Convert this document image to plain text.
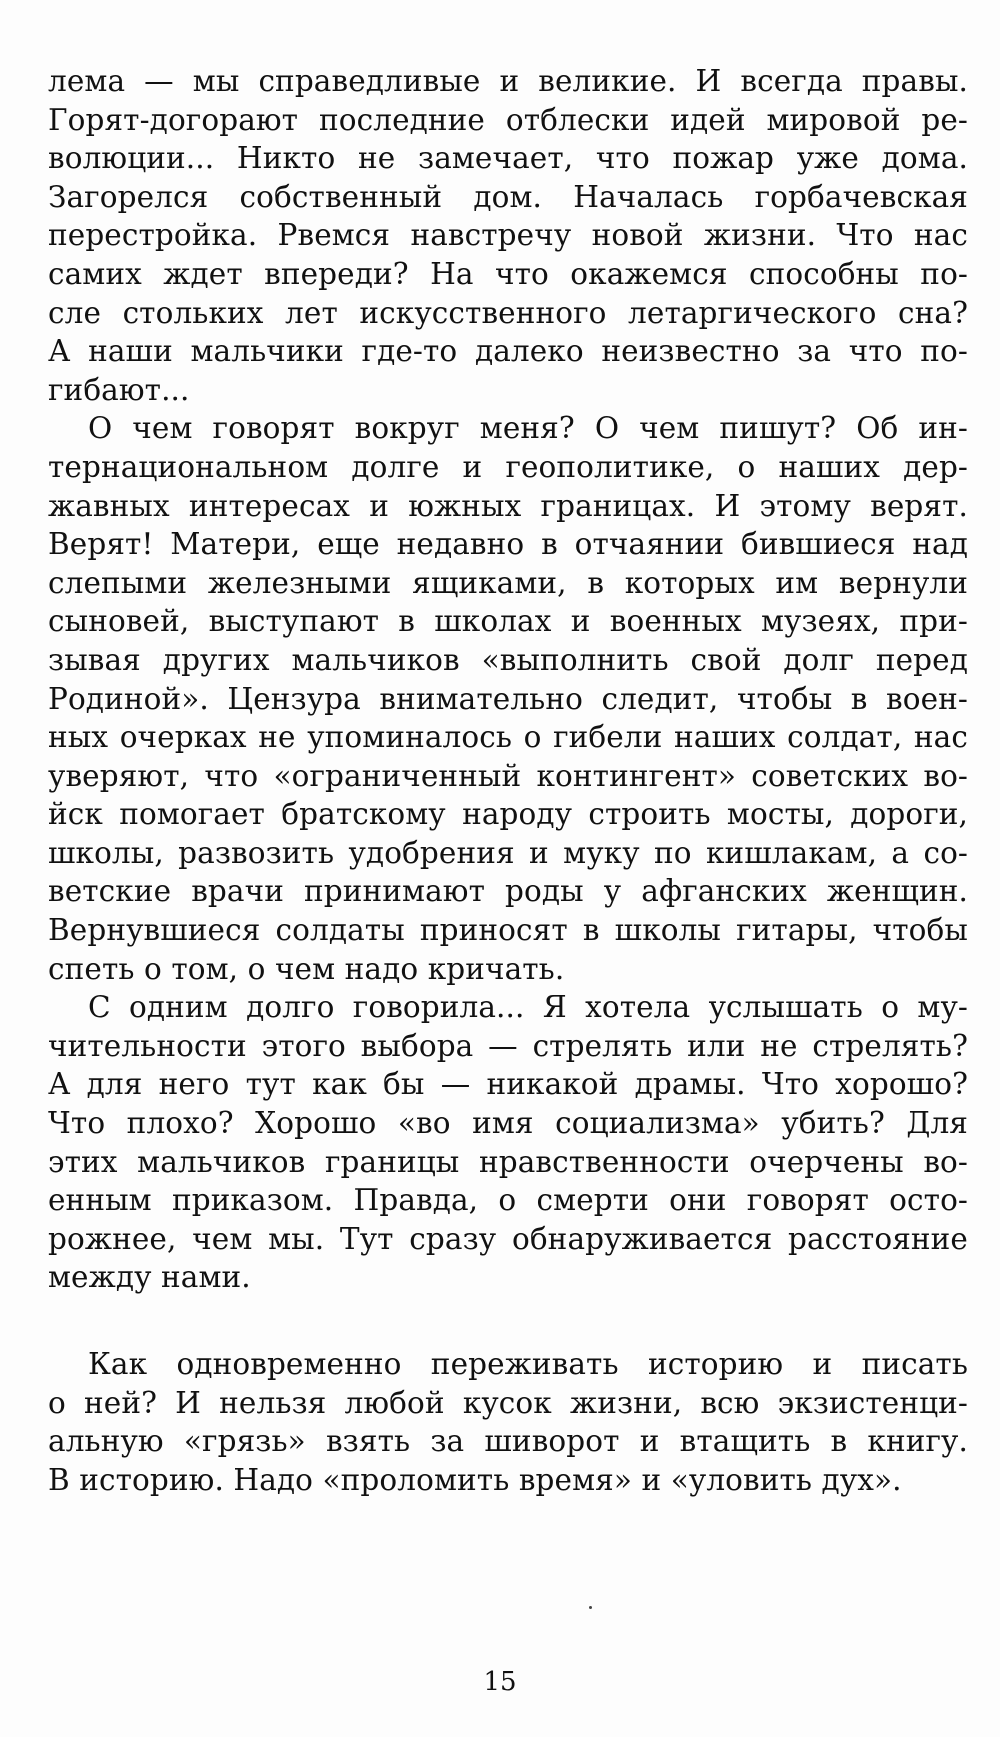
лема — мы справедливые и великие. И всегда правы.
Горят-догорают последние отблески идей мировой ре-
волюции... Никто не замечает, что пожар уже дома.
Загорелся собственный дом. Началась горбачевская
перестройка. Рвемся навстречу новой жизни. Что нас
самих ждет впереди? На что окажемся способны по-
сле стольких лет искусственного летаргического сна?
А наши мальчики где-то далеко неизвестно за что по-
гибают...
О чем говорят вокруг меня? О чем пишут? Об ин-
тернациональном долге и геополитике, о наших дер-
жавных интересах и южных границах. И этому верят.
Верят! Матери, еще недавно в отчаянии бившиеся над
слепыми железными ящиками, в которых им вернули
сыновей, выступают в школах и военных музеях, при-
зывая других мальчиков «выполнить свой долг перед
Родиной». Цензура внимательно следит, чтобы в воен-
ных очерках не упоминалось о гибели наших солдат, нас
уверяют, что «ограниченный контингент» советских во-
йск помогает братскому народу строить мосты, дороги,
школы, развозить удобрения и муку по кишлакам, а со-
ветские врачи принимают роды у афганских женщин.
Вернувшиеся солдаты приносят в школы гитары, чтобы
спеть о том, о чем надо кричать.
С одним долго говорила... Я хотела услышать о му-
чительности этого выбора — стрелять или не стрелять?
А для него тут как бы — никакой драмы. Что хорошо?
Что плохо? Хорошо «во имя социализма» убить? Для
этих мальчиков границы нравственности очерчены во-
енным приказом. Правда, о смерти они говорят осто-
рожнее, чем мы. Тут сразу обнаруживается расстояние
между нами.
Как одновременно переживать историю и писать
о ней? И нельзя любой кусок жизни, всю экзистенци-
альную «грязь» взять за шиворот и втащить в книгу.
В историю. Надо «проломить время» и «уловить дух».
15
